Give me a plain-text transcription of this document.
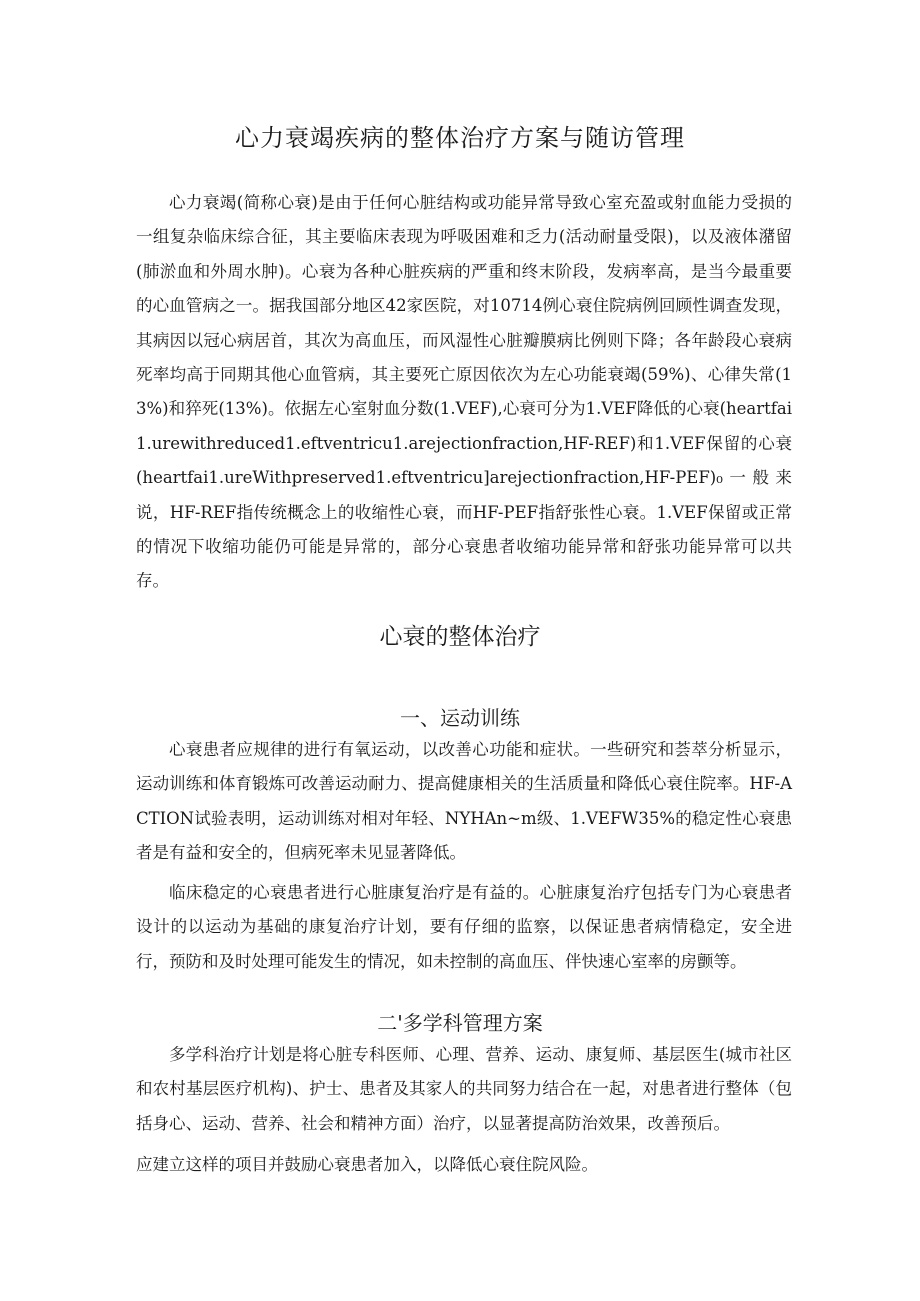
心力衰竭疾病的整体治疗方案与随访管理

心力衰竭(简称心衰)是由于任何心脏结构或功能异常导致心室充盈或射血能力受损的一组复杂临床综合征，其主要临床表现为呼吸困难和乏力(活动耐量受限)，以及液体潴留(肺淤血和外周水肿)。心衰为各种心脏疾病的严重和终末阶段，发病率高，是当今最重要的心血管病之一。据我国部分地区42家医院，对10714例心衰住院病例回顾性调查发现，其病因以冠心病居首，其次为高血压，而风湿性心脏瓣膜病比例则下降；各年龄段心衰病死率均高于同期其他心血管病，其主要死亡原因依次为左心功能衰竭(59%)、心律失常(13%)和猝死(13%)。依据左心室射血分数(1.VEF),心衰可分为1.VEF降低的心衰(heartfai1.urewithreduced1.eftventricu1.arejectionfraction,HF-REF)和1.VEF保留的心衰(heartfai1.ureWithpreserved1.eftventricu]arejectionfraction,HF-PEF)₀一般来说，HF-REF指传统概念上的收缩性心衰，而HF-PEF指舒张性心衰。1.VEF保留或正常的情况下收缩功能仍可能是异常的，部分心衰患者收缩功能异常和舒张功能异常可以共存。

心衰的整体治疗
一、运动训练

心衰患者应规律的进行有氧运动，以改善心功能和症状。一些研究和荟萃分析显示，运动训练和体育锻炼可改善运动耐力、提高健康相关的生活质量和降低心衰住院率。HF-ACTION试验表明，运动训练对相对年轻、NYHAn~m级、1.VEFW35%的稳定性心衰患者是有益和安全的，但病死率未见显著降低。

临床稳定的心衰患者进行心脏康复治疗是有益的。心脏康复治疗包括专门为心衰患者设计的以运动为基础的康复治疗计划，要有仔细的监察，以保证患者病情稳定，安全进行，预防和及时处理可能发生的情况，如未控制的高血压、伴快速心室率的房颤等。

二'多学科管理方案

多学科治疗计划是将心脏专科医师、心理、营养、运动、康复师、基层医生(城市社区和农村基层医疗机构)、护士、患者及其家人的共同努力结合在一起，对患者进行整体（包括身心、运动、营养、社会和精神方面）治疗，以显著提高防治效果，改善预后。

应建立这样的项目并鼓励心衰患者加入，以降低心衰住院风险。
